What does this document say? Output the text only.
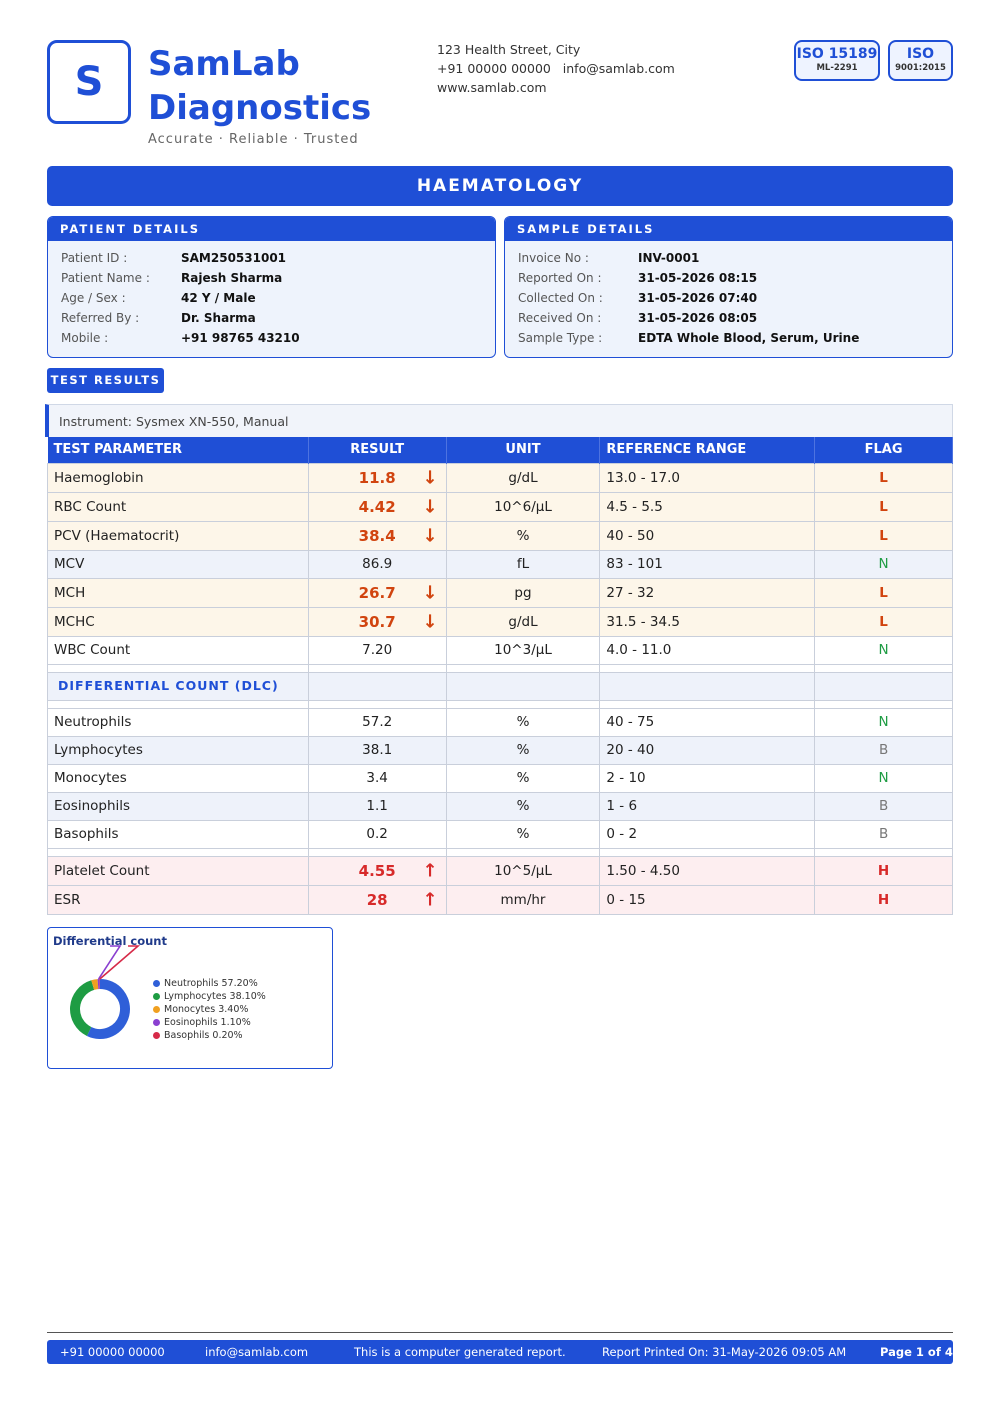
S SamLab
Diagnostics
Accurate · Reliable · Trusted
123 Health Street, City
+91 00000 00000 info@samlab.com
www.samlab.com
ISO 15189
ML-2291
ISO
9001:2015
HAEMATOLOGY
PATIENT DETAILS
Patient ID :	SAM250531001
Patient Name :	Rajesh Sharma
Age / Sex :	42 Y / Male
Referred By :	Dr. Sharma
Mobile :	+91 98765 43210
SAMPLE DETAILS
Invoice No :	INV-0001
Reported On :	31-05-2026 08:15
Collected On :	31-05-2026 07:40
Received On :	31-05-2026 08:05
Sample Type :	EDTA Whole Blood, Serum, Urine
TEST RESULTS
Instrument: Sysmex XN-550, Manual
TEST PARAMETER	RESULT	UNIT	REFERENCE RANGE	FLAG
Haemoglobin	11.8 ↓	g/dL	13.0 - 17.0	L
RBC Count	4.42 ↓	10^6/µL	4.5 - 5.5	L
PCV (Haematocrit)	38.4 ↓	%	40 - 50	L
MCV	86.9	fL	83 - 101	N
MCH	26.7 ↓	pg	27 - 32	L
MCHC	30.7 ↓	g/dL	31.5 - 34.5	L
WBC Count	7.20	10^3/µL	4.0 - 11.0	N

DIFFERENTIAL COUNT (DLC)				

Neutrophils	57.2	%	40 - 75	N
Lymphocytes	38.1	%	20 - 40	B
Monocytes	3.4	%	2 - 10	N
Eosinophils	1.1	%	1 - 6	B
Basophils	0.2	%	0 - 2	B

Platelet Count	4.55 ↑	10^5/µL	1.50 - 4.50	H
ESR	28 ↑	mm/hr	0 - 15	H
Differential count
Neutrophils 57.20%
Lymphocytes 38.10%
Monocytes 3.40%
Eosinophils 1.10%
Basophils 0.20%
+91 00000 00000	info@samlab.com	This is a computer generated report.	Report Printed On: 31-May-2026 09:05 AM	Page 1 of 4
